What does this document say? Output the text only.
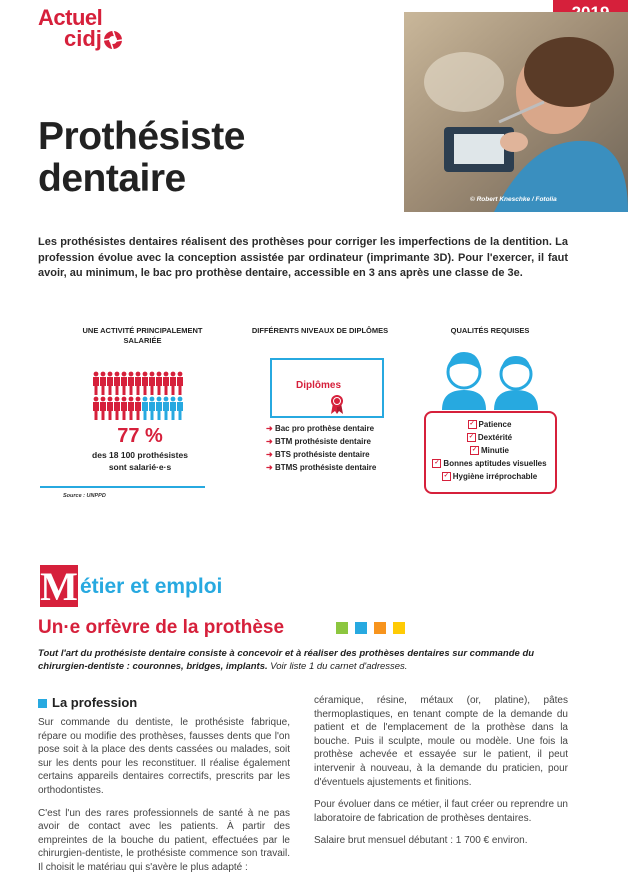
Actuel
cidj
© Robert Kneschke / Fotolia
Prothésiste
dentaire
Les prothésistes dentaires réalisent des prothèses pour corriger les imperfections de la dentition. La profession évolue avec la conception assistée par ordinateur (imprimante 3D). Pour l'exercer, il faut avoir, au minimum, le bac pro prothèse dentaire, accessible en 3 ans après une classe de 3e.
UNE ACTIVITÉ PRINCIPALEMENT
SALARIÉE
77 %
des 18 100 prothésistes
sont salarié·e·s
Source : UNPPD
DIFFÉRENTS NIVEAUX DE DIPLÔMES
Diplômes
➜ Bac pro prothèse dentaire
➜ BTM prothésiste dentaire
➜ BTS prothésiste dentaire
➜ BTMS prothésiste dentaire
QUALITÉS REQUISES
✓ Patience
✓ Dextérité
✓ Minutie
✓ Bonnes aptitudes visuelles
✓ Hygiène irréprochable
M étier et emploi
Un·e orfèvre de la prothèse
Tout l'art du prothésiste dentaire consiste à concevoir et à réaliser des prothèses dentaires sur commande du chirurgien-dentiste : couronnes, bridges, implants. Voir liste 1 du carnet d'adresses.
La profession

Sur commande du dentiste, le prothésiste fabrique, répare ou modifie des prothèses, fausses dents que l'on pose soit à la place des dents cassées ou malades, soit sur les dents pour les reconstituer. Il réalise également certains appareils dentaires correctifs, prescrits par les orthodontistes.

C'est l'un des rares professionnels de santé à ne pas avoir de contact avec les patients. À partir des empreintes de la bouche du patient, effectuées par le chirurgien-dentiste, le prothésiste commence son travail. Il choisit le matériau qui s'avère le plus adapté :

céramique, résine, métaux (or, platine), pâtes thermoplastiques, en tenant compte de la demande du patient et de l'emplacement de la prothèse dans la bouche. Puis il sculpte, moule ou modèle. Une fois la prothèse achevée et essayée sur le patient, il peut intervenir à nouveau, à la demande du praticien, pour d'éventuels ajustements et finitions.

Pour évoluer dans ce métier, il faut créer ou reprendre un laboratoire de fabrication de prothèses dentaires.

Salaire brut mensuel débutant : 1 700 € environ.
